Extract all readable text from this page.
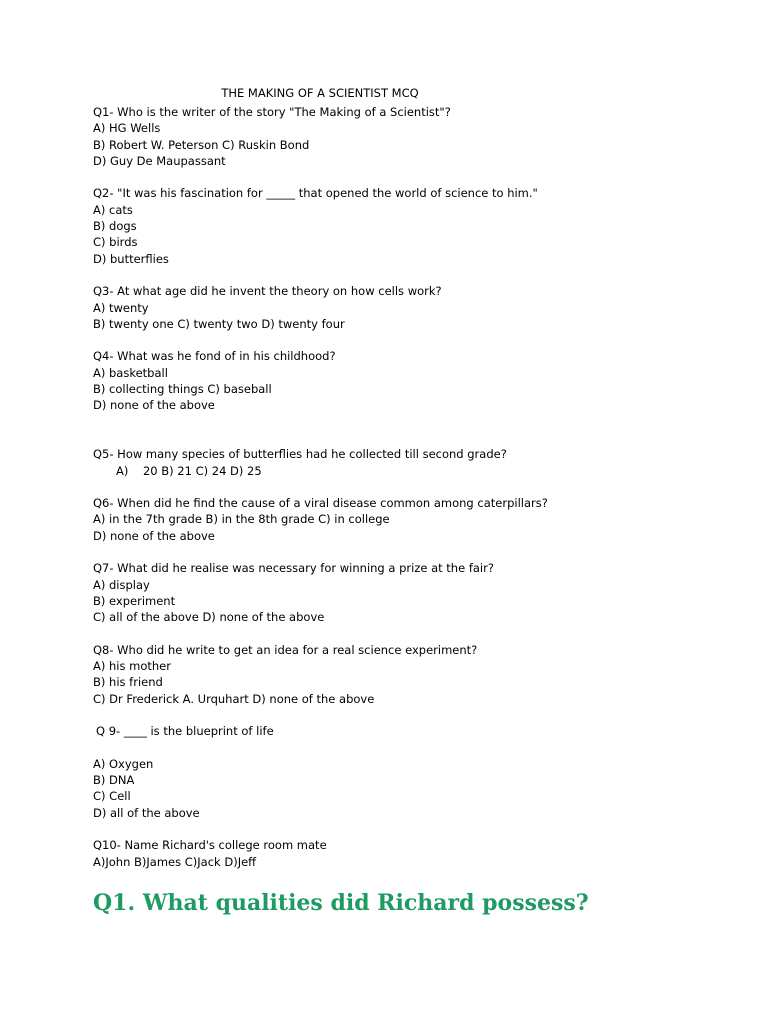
THE MAKING OF A SCIENTIST MCQ
Q1- Who is the writer of the story "The Making of a Scientist"?
A) HG Wells
B) Robert W. Peterson C) Ruskin Bond
D) Guy De Maupassant
Q2- "It was his fascination for _____ that opened the world of science to him."
A) cats
B) dogs
C) birds
D) butterflies
Q3- At what age did he invent the theory on how cells work?
A) twenty
B) twenty one C) twenty two D) twenty four
Q4- What was he fond of in his childhood?
A) basketball
B) collecting things C) baseball
D) none of the above
Q5- How many species of butterflies had he collected till second grade?
A)    20 B) 21 C) 24 D) 25
Q6- When did he find the cause of a viral disease common among caterpillars?
A) in the 7th grade B) in the 8th grade C) in college
D) none of the above
Q7- What did he realise was necessary for winning a prize at the fair?
A) display
B) experiment
C) all of the above D) none of the above
Q8- Who did he write to get an idea for a real science experiment?
A) his mother
B) his friend
C) Dr Frederick A. Urquhart D) none of the above
Q 9- ____ is the blueprint of life
A) Oxygen
B) DNA
C) Cell
D) all of the above
Q10- Name Richard's college room mate
A)John B)James C)Jack D)Jeff
Q1. What qualities did Richard possess?
